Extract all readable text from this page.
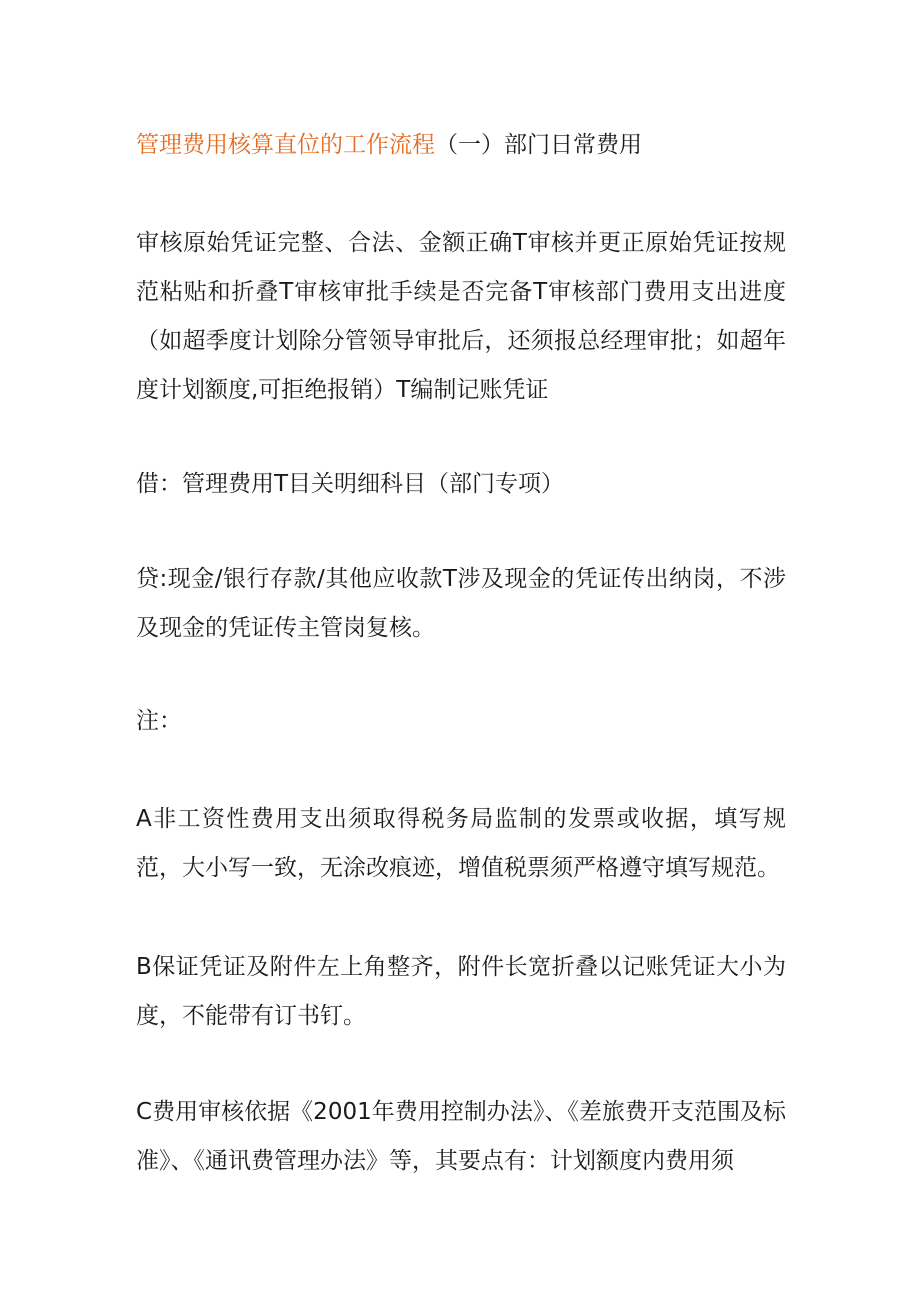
管理费用核算直位的工作流程（一）部门日常费用
审核原始凭证完整、合法、金额正确T审核并更正原始凭证按规范粘贴和折叠T审核审批手续是否完备T审核部门费用支出进度（如超季度计划除分管领导审批后，还须报总经理审批；如超年度计划额度,可拒绝报销）T编制记账凭证
借：管理费用T目关明细科目（部门专项）
贷:现金/银行存款/其他应收款T涉及现金的凭证传出纳岗，不涉及现金的凭证传主管岗复核。
注：
A非工资性费用支出须取得税务局监制的发票或收据，填写规范，大小写一致，无涂改痕迹，增值税票须严格遵守填写规范。
B保证凭证及附件左上角整齐，附件长宽折叠以记账凭证大小为度，不能带有订书钉。
C费用审核依据《2001年费用控制办法》、《差旅费开支范围及标准》、《通讯费管理办法》等，其要点有：计划额度内费用须
